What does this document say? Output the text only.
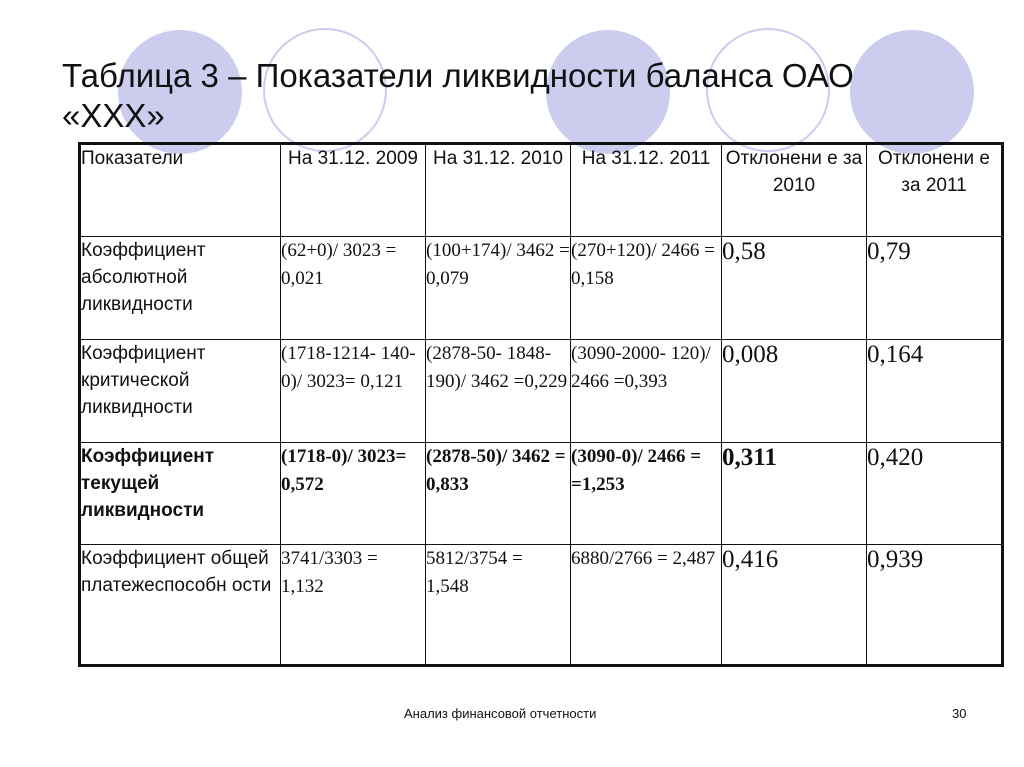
Таблица 3 – Показатели ликвидности баланса ОАО «XXX»
Показатели	На 31.12. 2009	На 31.12. 2010	На 31.12. 2011	Отклонени е за 2010	Отклонени е за 2011
Коэффициент абсолютной ликвидности	(62+0)/ 3023 = 0,021	(100+174)/ 3462 = 0,079	(270+120)/ 2466 = 0,158	0,58	0,79
Коэффициент критической ликвидности	(1718-1214- 140-0)/ 3023= 0,121	(2878-50- 1848-190)/ 3462 =0,229	(3090-2000- 120)/ 2466 =0,393	0,008	0,164
Коэффициент текущей ликвидности	(1718-0)/ 3023= 0,572	(2878-50)/ 3462 = 0,833	(3090-0)/ 2466 = =1,253	0,311	0,420
Коэффициент общей платежеспособн ости	3741/3303 = 1,132	5812/3754 = 1,548	6880/2766 = 2,487	0,416	0,939
Анализ финансовой отчетности	30
